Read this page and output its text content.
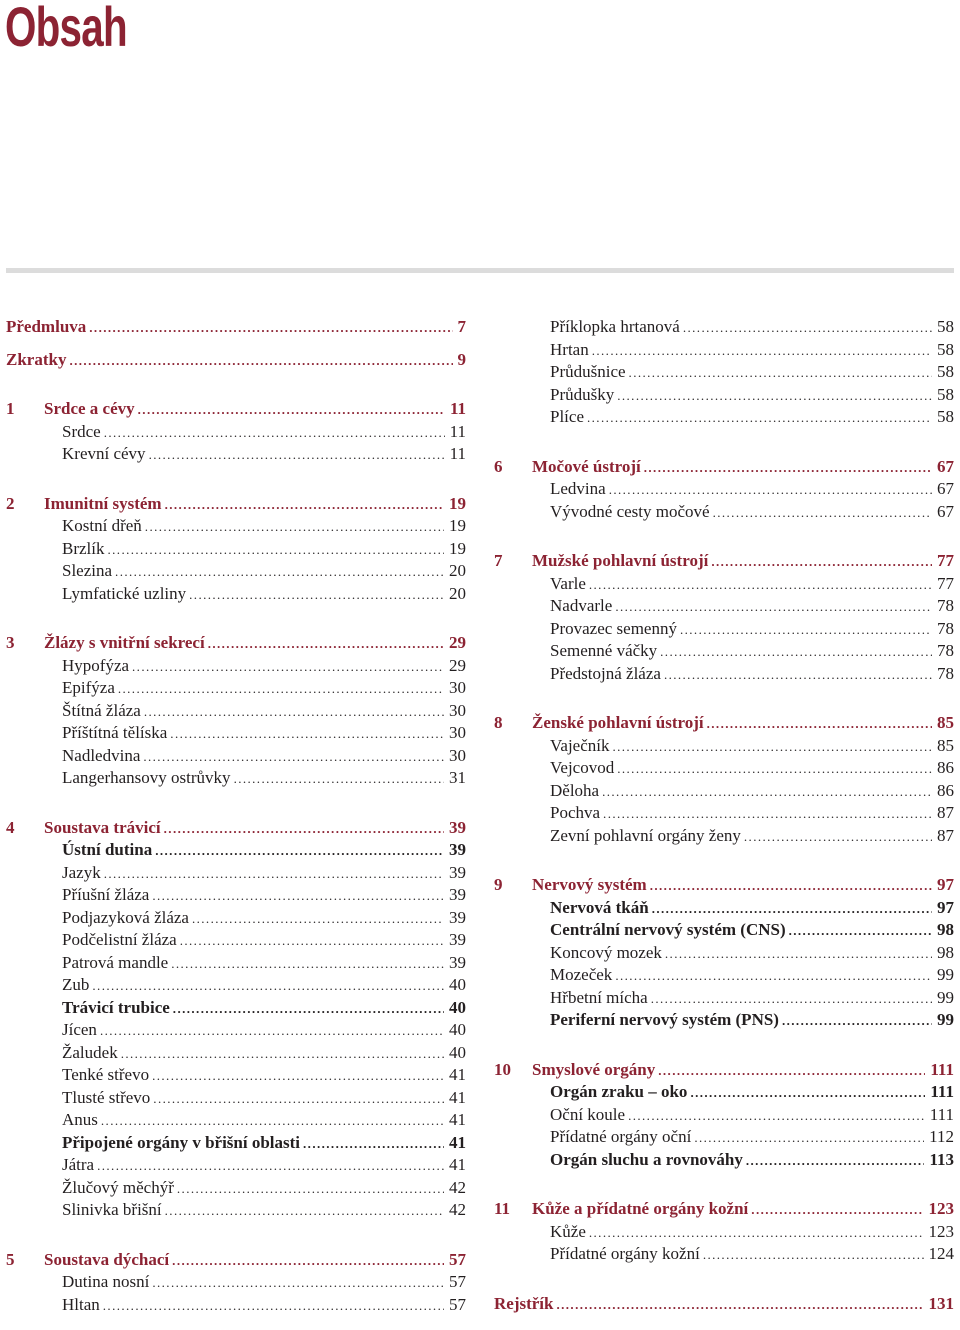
Obsah
Předmluva .....	7
Zkratky .....	9
1	Srdce a cévy .....	11
Srdce .....	11
Krevní cévy .....	11
2	Imunitní systém .....	19
Kostní dřeň .....	19
Brzlík .....	19
Slezina .....	20
Lymfatické uzliny .....	20
3	Žlázy s vnitřní sekrecí .....	29
Hypofýza .....	29
Epifýza .....	30
Štítná žláza .....	30
Příštítná tělíska .....	30
Nadledvina .....	30
Langerhansovy ostrůvky .....	31
4	Soustava trávicí .....	39
Ústní dutina .....	39
Jazyk .....	39
Příušní žláza .....	39
Podjazyková žláza .....	39
Podčelistní žláza .....	39
Patrová mandle .....	39
Zub .....	40
Trávicí trubice .....	40
Jícen .....	40
Žaludek .....	40
Tenké střevo .....	41
Tlusté střevo .....	41
Anus .....	41
Připojené orgány v břišní oblasti .....	41
Játra .....	41
Žlučový měchýř .....	42
Slinivka břišní .....	42
5	Soustava dýchací .....	57
Dutina nosní .....	57
Hltan .....	57
Příklopka hrtanová .....	58
Hrtan .....	58
Průdušnice .....	58
Průdušky .....	58
Plíce .....	58
6	Močové ústrojí .....	67
Ledvina .....	67
Vývodné cesty močové .....	67
7	Mužské pohlavní ústrojí .....	77
Varle .....	77
Nadvarle .....	78
Provazec semenný .....	78
Semenné váčky .....	78
Předstojná žláza .....	78
8	Ženské pohlavní ústrojí .....	85
Vaječník .....	85
Vejcovod .....	86
Děloha .....	86
Pochva .....	87
Zevní pohlavní orgány ženy .....	87
9	Nervový systém .....	97
Nervová tkáň .....	97
Centrální nervový systém (CNS) .....	98
Koncový mozek .....	98
Mozeček .....	99
Hřbetní mícha .....	99
Periferní nervový systém (PNS) .....	99
10	Smyslové orgány .....	111
Orgán zraku – oko .....	111
Oční koule .....	111
Přídatné orgány oční .....	112
Orgán sluchu a rovnováhy .....	113
11	Kůže a přídatné orgány kožní .....	123
Kůže .....	123
Přídatné orgány kožní .....	124
Rejstřík .....	131
